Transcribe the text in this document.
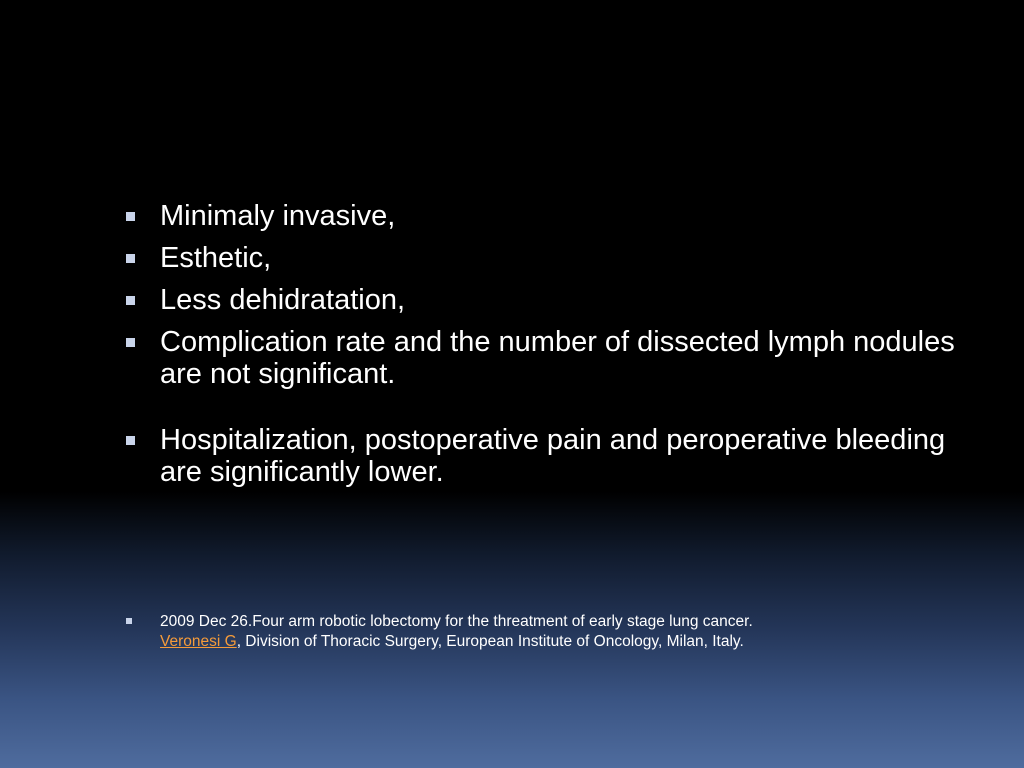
Minimaly invasive,
Esthetic,
Less dehidratation,
Complication rate and the number of dissected lymph nodules are not significant.
Hospitalization, postoperative pain and peroperative bleeding are significantly lower.
2009 Dec 26.Four arm robotic lobectomy for the threatment of early stage lung cancer.
Veronesi G, Division of Thoracic Surgery, European Institute of Oncology, Milan, Italy.
